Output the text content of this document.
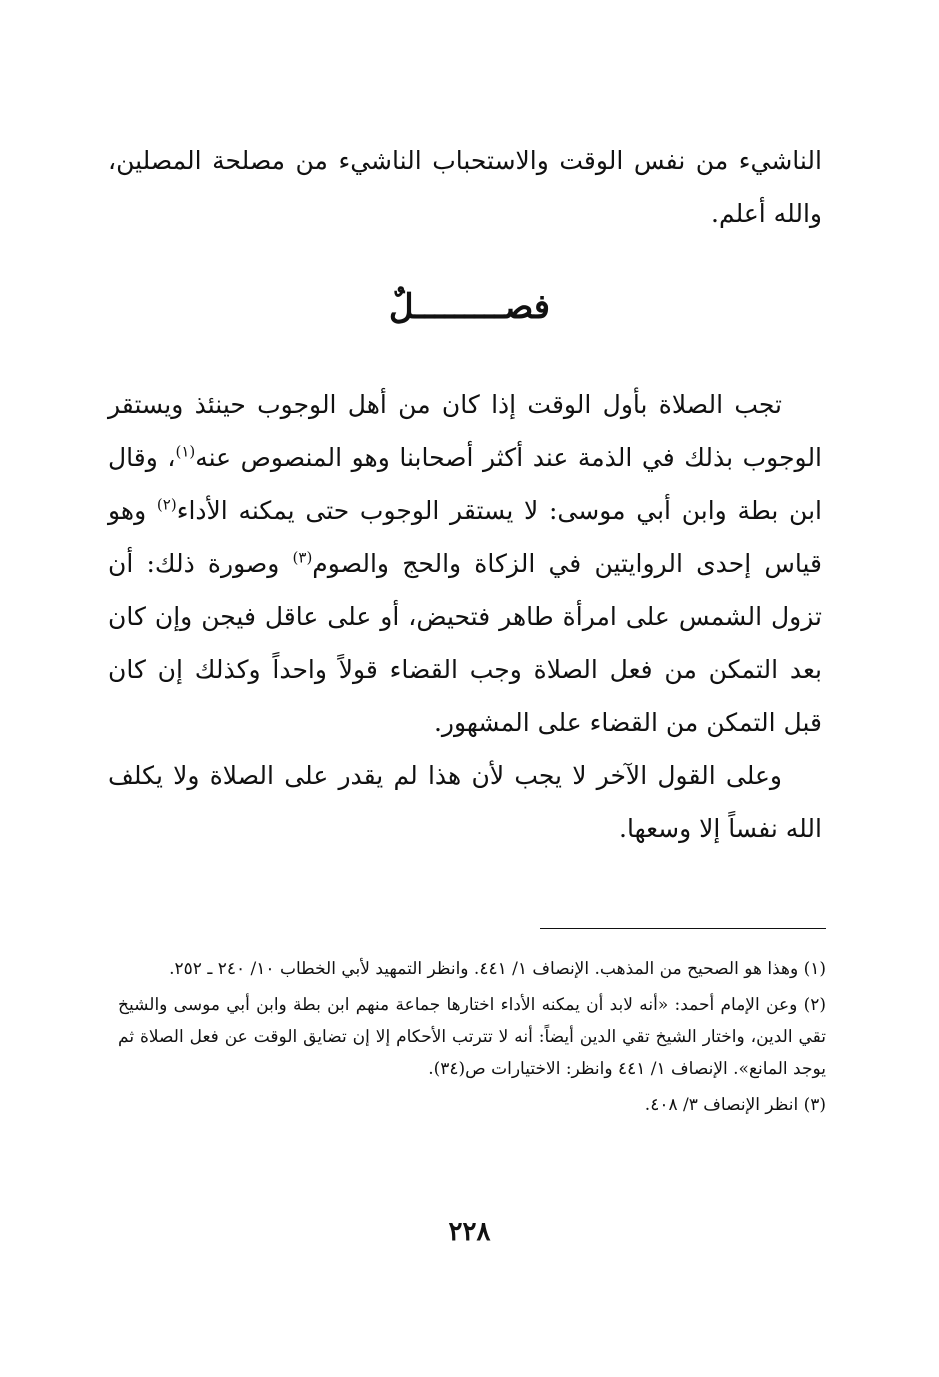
الناشيء من نفس الوقت والاستحباب الناشيء من مصلحة المصلين، والله أعلم.
فصـــــــــلٌ
تجب الصلاة بأول الوقت إذا كان من أهل الوجوب حينئذ ويستقر الوجوب بذلك في الذمة عند أكثر أصحابنا وهو المنصوص عنه$^{(١)}$، وقال ابن بطة وابن أبي موسى: لا يستقر الوجوب حتى يمكنه الأداء$^{(٢)}$ وهو قياس إحدى الروايتين في الزكاة والحج والصوم$^{(٣)}$ وصورة ذلك: أن تزول الشمس على امرأة طاهر فتحيض، أو على عاقل فيجن وإن كان بعد التمكن من فعل الصلاة وجب القضاء قولاً واحداً وكذلك إن كان قبل التمكن من القضاء على المشهور.
وعلى القول الآخر لا يجب لأن هذا لم يقدر على الصلاة ولا يكلف الله نفساً إلا وسعها.
(١) وهذا هو الصحيح من المذهب. الإنصاف ١/ ٤٤١. وانظر التمهيد لأبي الخطاب ١٠/ ٢٤٠ ـ ٢٥٢.
(٢) وعن الإمام أحمد: «أنه لابد أن يمكنه الأداء اختارها جماعة منهم ابن بطة وابن أبي موسى والشيخ تقي الدين، واختار الشيخ تقي الدين أيضاً: أنه لا تترتب الأحكام إلا إن تضايق الوقت عن فعل الصلاة ثم يوجد المانع». الإنصاف ١/ ٤٤١ وانظر: الاختيارات ص(٣٤).
(٣) انظر الإنصاف ٣/ ٤٠٨.
٢٢٨
